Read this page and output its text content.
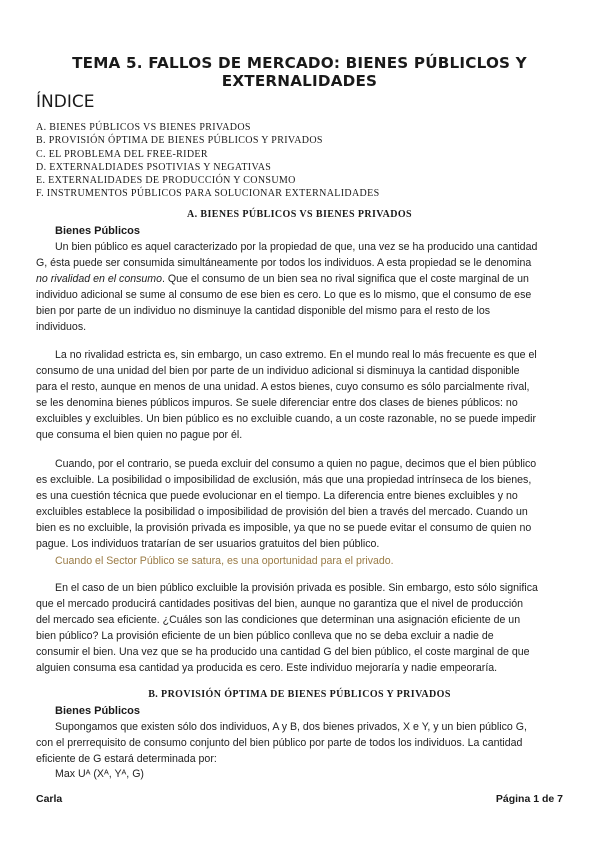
TEMA 5. FALLOS DE MERCADO: BIENES PÚBLICLOS Y EXTERNALIDADES
ÍNDICE
A. BIENES PÚBLICOS VS BIENES PRIVADOS
B. PROVISIÓN ÓPTIMA DE BIENES PÚBLICOS Y PRIVADOS
C. EL PROBLEMA DEL FREE-RIDER
D. EXTERNALDIADES PSOTIVIAS Y NEGATIVAS
E. EXTERNALIDADES DE PRODUCCIÓN Y CONSUMO
F. INSTRUMENTOS PÚBLICOS PARA SOLUCIONAR EXTERNALIDADES
A. BIENES PÚBLICOS VS BIENES PRIVADOS
Bienes Públicos
Un bien público es aquel caracterizado por la propiedad de que, una vez se ha producido una cantidad
G, ésta puede ser consumida simultáneamente por todos los individuos. A esta propiedad se le denomina
no rivalidad en el consumo. Que el consumo de un bien sea no rival significa que el coste marginal de un
individuo adicional se sume al consumo de ese bien es cero. Lo que es lo mismo, que el consumo de ese
bien por parte de un individuo no disminuye la cantidad disponible del mismo para el resto de los
individuos.
La no rivalidad estricta es, sin embargo, un caso extremo. En el mundo real lo más frecuente es que el
consumo de una unidad del bien por parte de un individuo adicional si disminuya la cantidad disponible
para el resto, aunque en menos de una unidad. A estos bienes, cuyo consumo es sólo parcialmente rival,
se les denomina bienes públicos impuros. Se suele diferenciar entre dos clases de bienes públicos: no
excluibles y excluibles. Un bien público es no excluible cuando, a un coste razonable, no se puede impedir
que consuma el bien quien no pague por él.
Cuando, por el contrario, se pueda excluir del consumo a quien no pague, decimos que el bien público
es excluible. La posibilidad o imposibilidad de exclusión, más que una propiedad intrínseca de los bienes,
es una cuestión técnica que puede evolucionar en el tiempo. La diferencia entre bienes excluibles y no
excluibles establece la posibilidad o imposibilidad de provisión del bien a través del mercado. Cuando un
bien es no excluible, la provisión privada es imposible, ya que no se puede evitar el consumo de quien no
pague. Los individuos tratarían de ser usuarios gratuitos del bien público.
Cuando el Sector Público se satura, es una oportunidad para el privado.
En el caso de un bien público excluible la provisión privada es posible. Sin embargo, esto sólo significa
que el mercado producirá cantidades positivas del bien, aunque no garantiza que el nivel de producción
del mercado sea eficiente. ¿Cuáles son las condiciones que determinan una asignación eficiente de un
bien público? La provisión eficiente de un bien público conlleva que no se deba excluir a nadie de
consumir el bien. Una vez que se ha producido una cantidad G del bien público, el coste marginal de que
alguien consuma esa cantidad ya producida es cero. Este individuo mejoraría y nadie empeoraría.
B. PROVISIÓN ÓPTIMA DE BIENES PÚBLICOS Y PRIVADOS
Bienes Públicos
Supongamos que existen sólo dos individuos, A y B, dos bienes privados, X e Y, y un bien público G,
con el prerrequisito de consumo conjunto del bien público por parte de todos los individuos. La cantidad
eficiente de G estará determinada por:
Max Uᴬ (Xᴬ, Yᴬ, G)
Carla	Página 1 de 7
